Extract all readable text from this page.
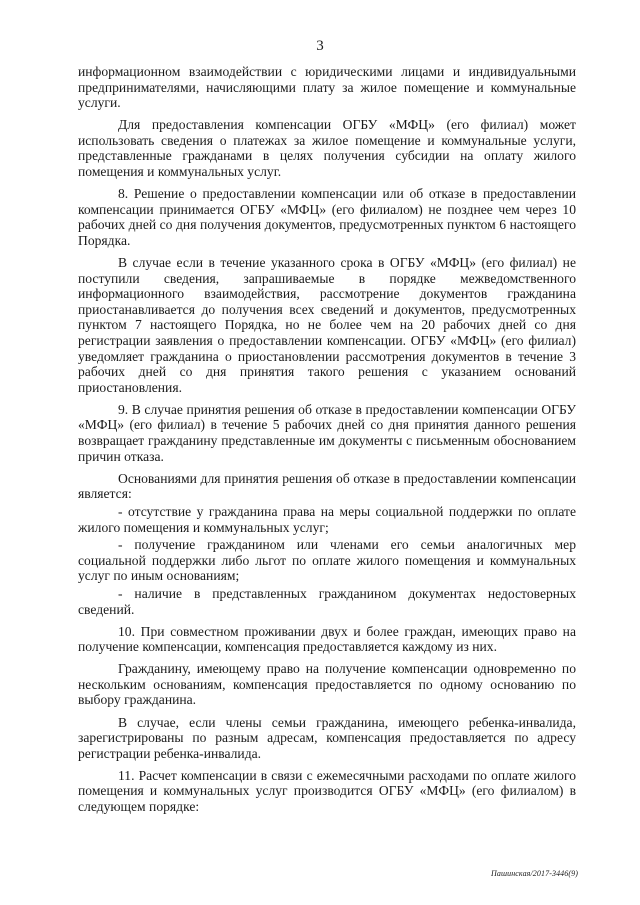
3

информационном взаимодействии с юридическими лицами и индивидуальными предпринимателями, начисляющими плату за жилое помещение и коммунальные услуги.

Для предоставления компенсации ОГБУ «МФЦ» (его филиал) может использовать сведения о платежах за жилое помещение и коммунальные услуги, представленные гражданами в целях получения субсидии на оплату жилого помещения и коммунальных услуг.

8. Решение о предоставлении компенсации или об отказе в предоставлении компенсации принимается ОГБУ «МФЦ» (его филиалом) не позднее чем через 10 рабочих дней со дня получения документов, предусмотренных пунктом 6 настоящего Порядка.

В случае если в течение указанного срока в ОГБУ «МФЦ» (его филиал) не поступили сведения, запрашиваемые в порядке межведомственного информационного взаимодействия, рассмотрение документов гражданина приостанавливается до получения всех сведений и документов, предусмотренных пунктом 7 настоящего Порядка, но не более чем на 20 рабочих дней со дня регистрации заявления о предоставлении компенсации. ОГБУ «МФЦ» (его филиал) уведомляет гражданина о приостановлении рассмотрения документов в течение 3 рабочих дней со дня принятия такого решения с указанием оснований приостановления.

9. В случае принятия решения об отказе в предоставлении компенсации ОГБУ «МФЦ» (его филиал) в течение 5 рабочих дней со дня принятия данного решения возвращает гражданину представленные им документы с письменным обоснованием причин отказа.

Основаниями для принятия решения об отказе в предоставлении компенсации является:

- отсутствие у гражданина права на меры социальной поддержки по оплате жилого помещения и коммунальных услуг;

- получение гражданином или членами его семьи аналогичных мер социальной поддержки либо льгот по оплате жилого помещения и коммунальных услуг по иным основаниям;

- наличие в представленных гражданином документах недостоверных сведений.

10. При совместном проживании двух и более граждан, имеющих право на получение компенсации, компенсация предоставляется каждому из них.

Гражданину, имеющему право на получение компенсации одновременно по нескольким основаниям, компенсация предоставляется по одному основанию по выбору гражданина.

В случае, если члены семьи гражданина, имеющего ребенка-инвалида, зарегистрированы по разным адресам, компенсация предоставляется по адресу регистрации ребенка-инвалида.

11. Расчет компенсации в связи с ежемесячными расходами по оплате жилого помещения и коммунальных услуг производится ОГБУ «МФЦ» (его филиалом) в следующем порядке:

Пашинская/2017-3446(9)
